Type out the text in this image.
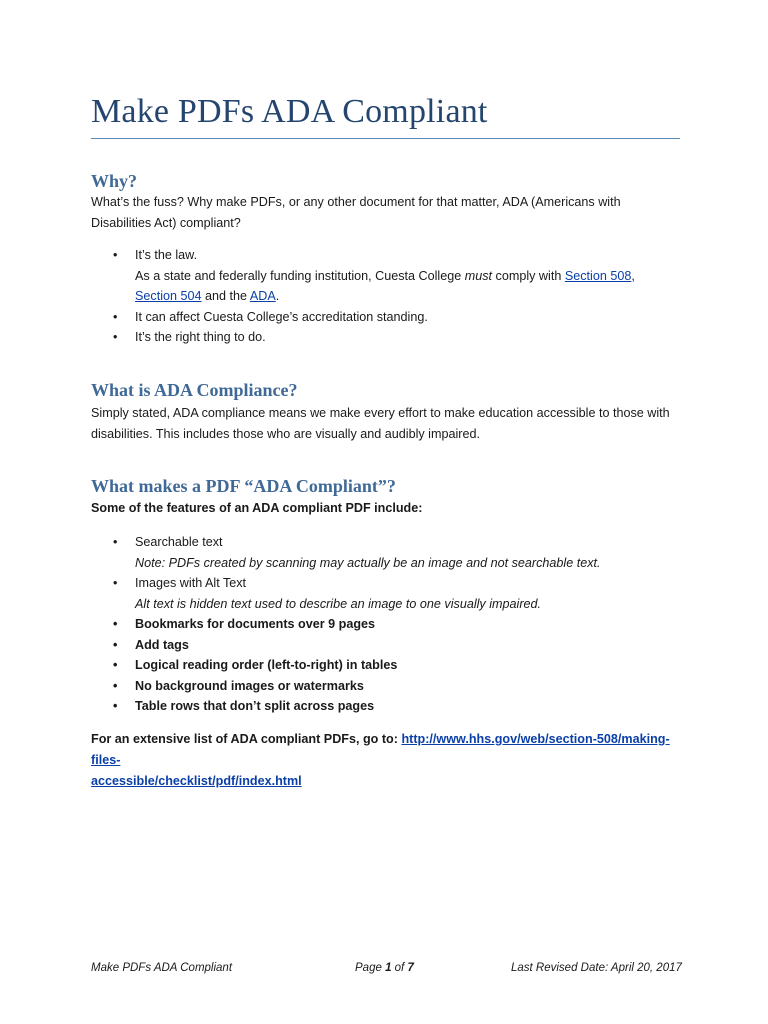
Make PDFs ADA Compliant
Why?

What’s the fuss? Why make PDFs, or any other document for that matter, ADA (Americans with
Disabilities Act) compliant?

• It’s the law.
As a state and federally funding institution, Cuesta College must comply with Section 508,
Section 504 and the ADA.
• It can affect Cuesta College’s accreditation standing.
• It’s the right thing to do.
What is ADA Compliance?

Simply stated, ADA compliance means we make every effort to make education accessible to those with
disabilities. This includes those who are visually and audibly impaired.

What makes a PDF “ADA Compliant”?

Some of the features of an ADA compliant PDF include:

• Searchable text
Note: PDFs created by scanning may actually be an image and not searchable text.
• Images with Alt Text
Alt text is hidden text used to describe an image to one visually impaired.
• Bookmarks for documents over 9 pages
• Add tags
• Logical reading order (left-to-right) in tables
• No background images or watermarks
• Table rows that don’t split across pages

For an extensive list of ADA compliant PDFs, go to: http://www.hhs.gov/web/section-508/making-files-
accessible/checklist/pdf/index.html

Make PDFs ADA Compliant	Page 1 of 7	Last Revised Date: April 20, 2017
